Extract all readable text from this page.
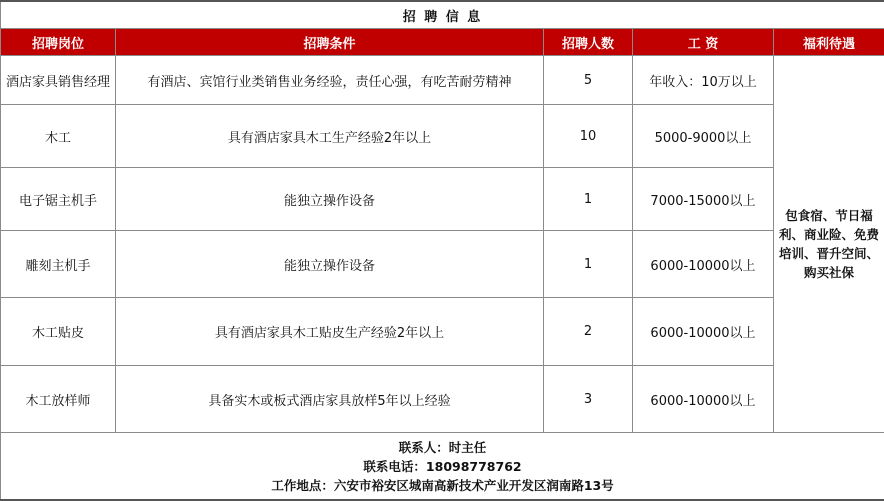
招 聘 信 息				
招聘岗位	招聘条件	招聘人数	工 资	福利待遇
酒店家具销售经理	有酒店、宾馆行业类销售业务经验，责任心强，有吃苦耐劳精神	5	年收入：10万以上	包食宿、节日福利、商业险、免费培训、晋升空间、购买社保
木工	具有酒店家具木工生产经验2年以上	10	5000-9000以上	
电子锯主机手	能独立操作设备	1	7000-15000以上	
雕刻主机手	能独立操作设备	1	6000-10000以上	
木工贴皮	具有酒店家具木工贴皮生产经验2年以上	2	6000-10000以上	
木工放样师	具备实木或板式酒店家具放样5年以上经验	3	6000-10000以上	

联系人：时主任
联系电话：18098778762
工作地点：六安市裕安区城南高新技术产业开发区润南路13号				
